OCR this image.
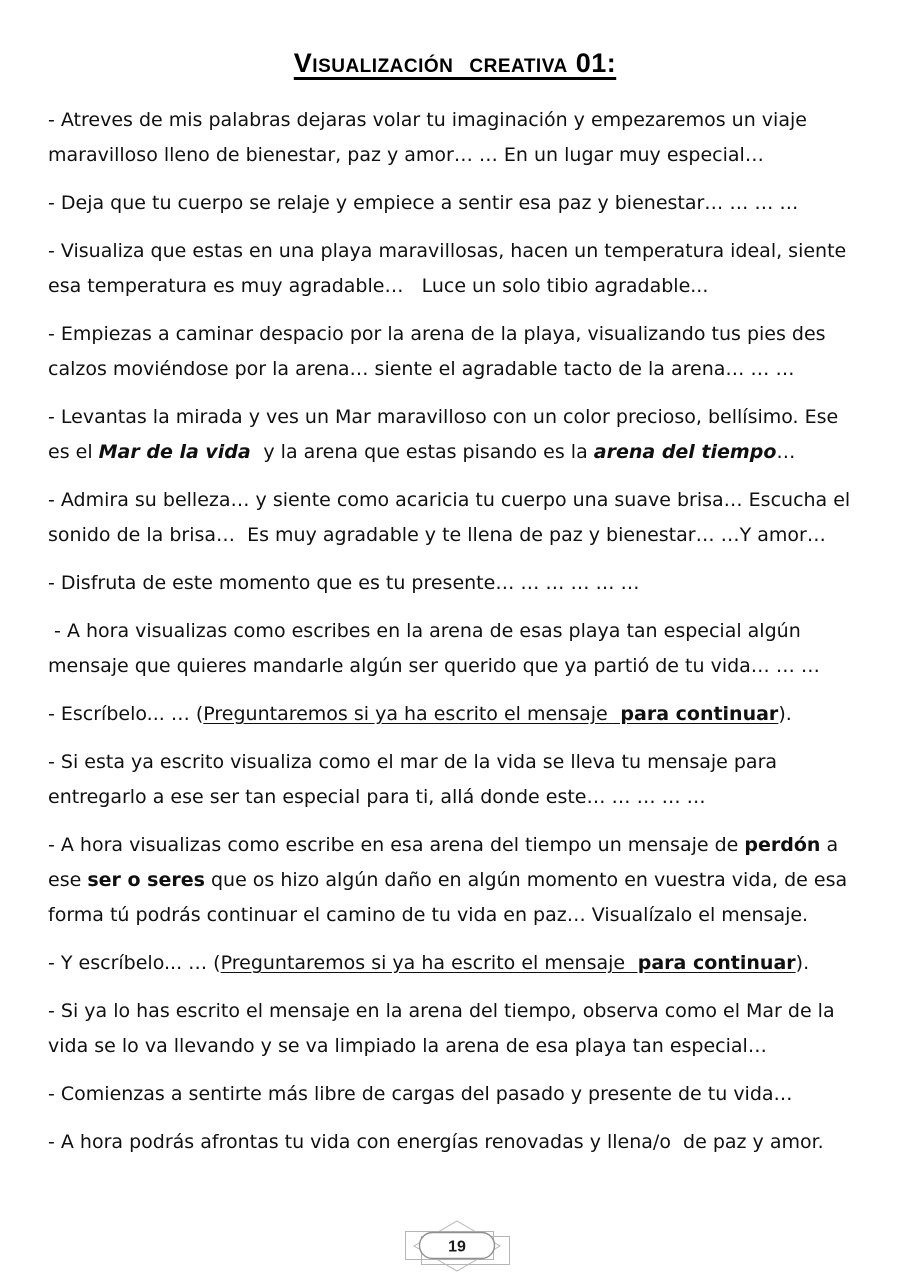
Visualización  creativa 01:

- Atreves de mis palabras dejaras volar tu imaginación y empezaremos un viaje maravilloso lleno de bienestar, paz y amor… … En un lugar muy especial…

- Deja que tu cuerpo se relaje y empiece a sentir esa paz y bienestar… … … …

- Visualiza que estas en una playa maravillosas, hacen un temperatura ideal, siente esa temperatura es muy agradable…   Luce un solo tibio agradable...

- Empiezas a caminar despacio por la arena de la playa, visualizando tus pies des calzos moviéndose por la arena… siente el agradable tacto de la arena… … …

- Levantas la mirada y ves un Mar maravilloso con un color precioso, bellísimo. Ese es el Mar de la vida  y la arena que estas pisando es la arena del tiempo…

- Admira su belleza… y siente como acaricia tu cuerpo una suave brisa… Escucha el sonido de la brisa…  Es muy agradable y te llena de paz y bienestar… …Y amor…

- Disfruta de este momento que es tu presente… … … … … …

- A hora visualizas como escribes en la arena de esas playa tan especial algún mensaje que quieres mandarle algún ser querido que ya partió de tu vida… … …

- Escríbelo... … (Preguntaremos si ya ha escrito el mensaje  para continuar).

- Si esta ya escrito visualiza como el mar de la vida se lleva tu mensaje para entregarlo a ese ser tan especial para ti, allá donde este… … … … …

- A hora visualizas como escribe en esa arena del tiempo un mensaje de perdón a ese ser o seres que os hizo algún daño en algún momento en vuestra vida, de esa forma tú podrás continuar el camino de tu vida en paz… Visualízalo el mensaje.

- Y escríbelo... … (Preguntaremos si ya ha escrito el mensaje  para continuar).

- Si ya lo has escrito el mensaje en la arena del tiempo, observa como el Mar de la vida se lo va llevando y se va limpiado la arena de esa playa tan especial…

- Comienzas a sentirte más libre de cargas del pasado y presente de tu vida…

- A hora podrás afrontas tu vida con energías renovadas y llena/o  de paz y amor.

19
